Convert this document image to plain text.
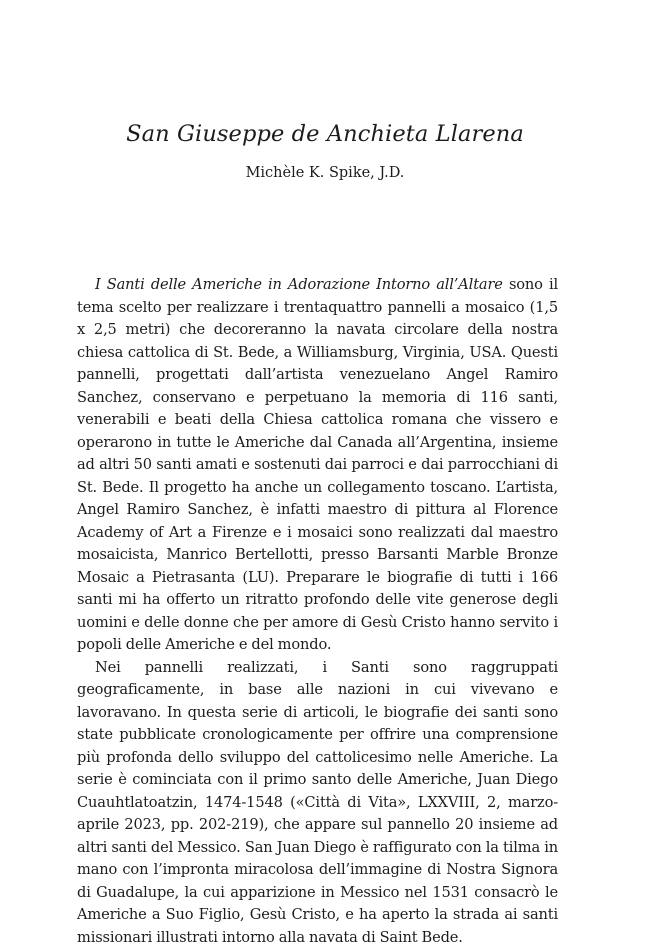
San Giuseppe de Anchieta Llarena

Michèle K. Spike, J.D.

I Santi delle Americhe in Adorazione Intorno all’Altare sono il tema scelto per realizzare i trentaquattro pannelli a mosaico (1,5 x 2,5 metri) che decoreranno la navata circolare della nostra chiesa cattolica di St. Bede, a Williamsburg, Virginia, USA. Questi pannelli, progettati dall’artista venezuelano Angel Ramiro Sanchez, conservano e perpetuano la memoria di 116 santi, venerabili e beati della Chiesa cattolica romana che vissero e operarono in tutte le Americhe dal Canada all’Argentina, insieme ad altri 50 santi amati e sostenuti dai parroci e dai parrocchiani di St. Bede. Il progetto ha anche un collegamento toscano. L’artista, Angel Ramiro Sanchez, è infatti maestro di pittura al Florence Academy of Art a Firenze e i mosaici sono realizzati dal maestro mosaicista, Manrico Bertellotti, presso Barsanti Marble Bronze Mosaic a Pietrasanta (LU). Preparare le biografie di tutti i 166 santi mi ha offerto un ritratto profondo delle vite generose degli uomini e delle donne che per amore di Gesù Cristo hanno servito i popoli delle Americhe e del mondo.

Nei pannelli realizzati, i Santi sono raggruppati geograficamente, in base alle nazioni in cui vivevano e lavoravano. In questa serie di articoli, le biografie dei santi sono state pubblicate cronologicamente per offrire una comprensione più profonda dello sviluppo del cattolicesimo nelle Americhe. La serie è cominciata con il primo santo delle Americhe, Juan Diego Cuauhtlatoatzin, 1474-1548 («Città di Vita», LXXVIII, 2, marzo-aprile 2023, pp. 202-219), che appare sul pannello 20 insieme ad altri santi del Messico. San Juan Diego è raffigurato con la tilma in mano con l’impronta miracolosa dell’immagine di Nostra Signora di Guadalupe, la cui apparizione in Messico nel 1531 consacrò le Americhe a Suo Figlio, Gesù Cristo, e ha aperto la strada ai santi missionari illustrati intorno alla navata di Saint Bede.
